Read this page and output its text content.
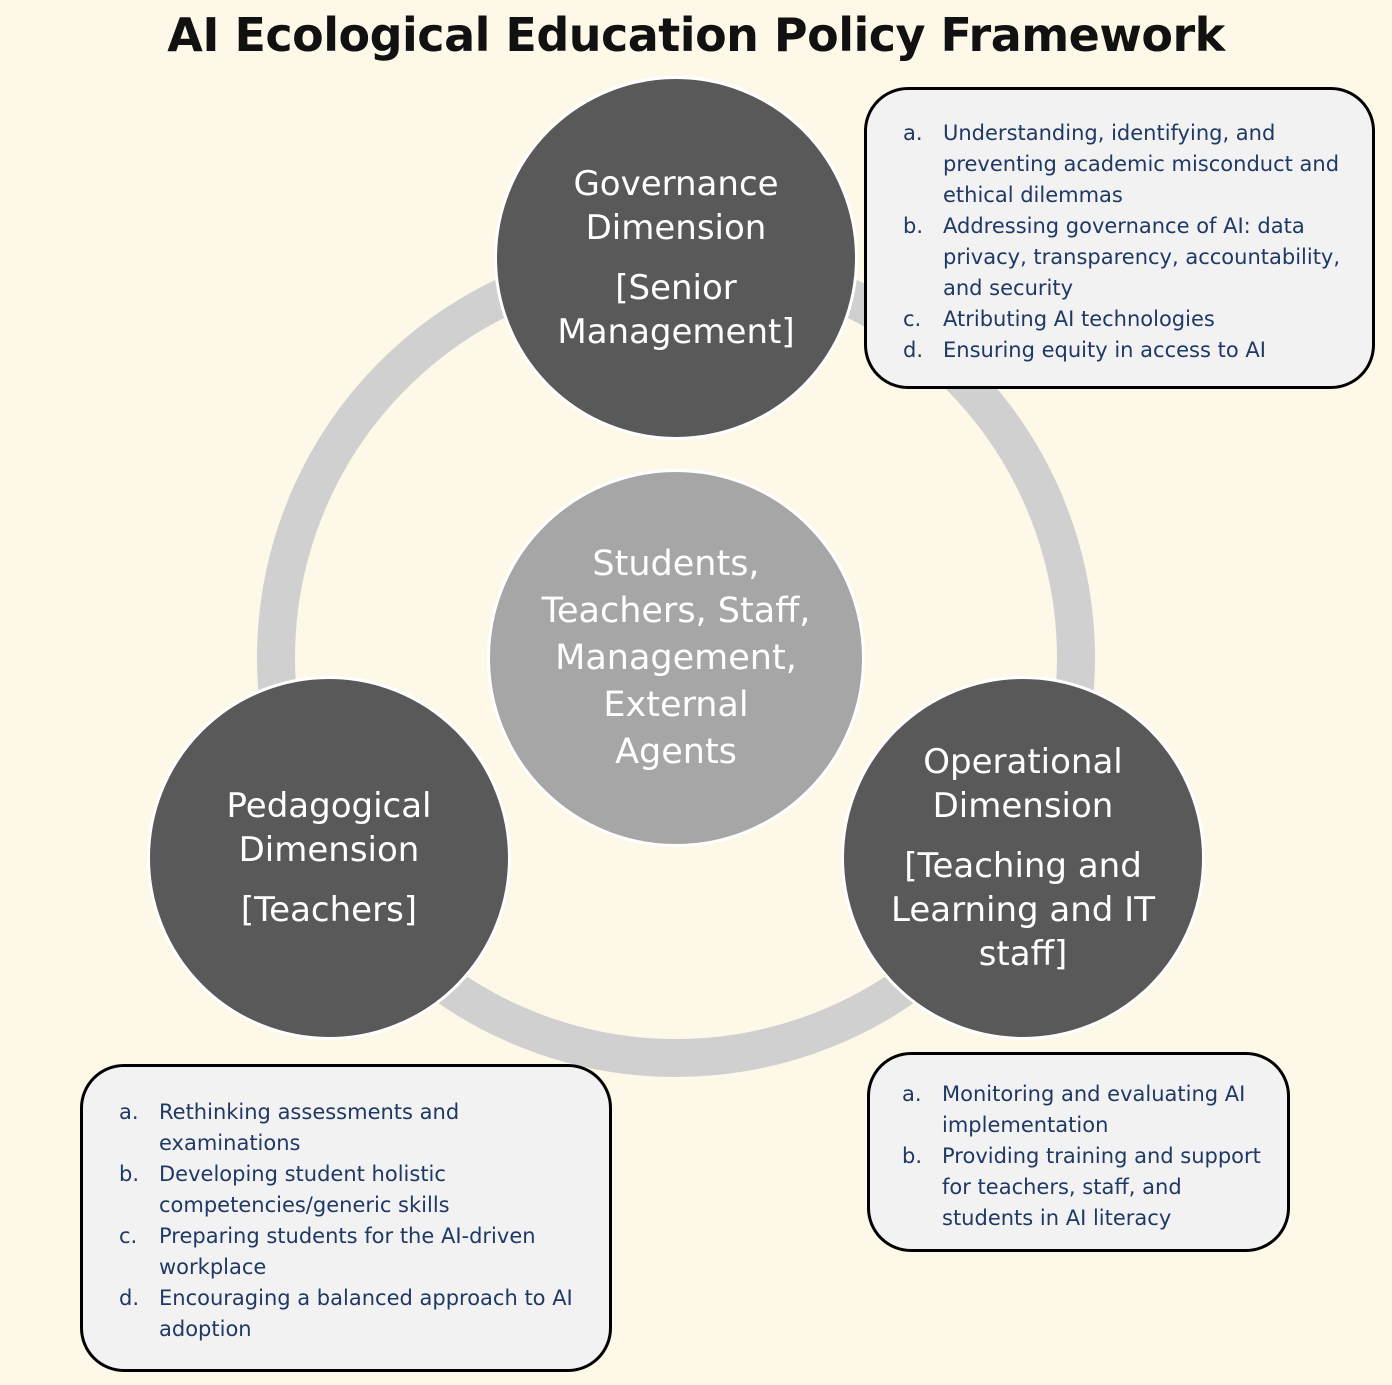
AI Ecological Education Policy Framework
Students,
Teachers, Staff,
Management,
External
Agents
Governance
Dimension
[Senior
Management]
Pedagogical
Dimension
[Teachers]
Operational
Dimension
[Teaching and
Learning and IT
staff]
a. Understanding, identifying, and preventing academic misconduct and ethical dilemmas
b. Addressing governance of AI: data privacy, transparency, accountability, and security
c.	Atributing AI technologies
d. Ensuring equity in access to AI
a. Rethinking assessments and examinations
b. Developing student holistic competencies/generic skills
c.	Preparing students for the AI-driven workplace
d. Encouraging a balanced approach to AI adoption
a. Monitoring and evaluating AI implementation
b. Providing training and support for teachers, staff, and students in AI literacy
